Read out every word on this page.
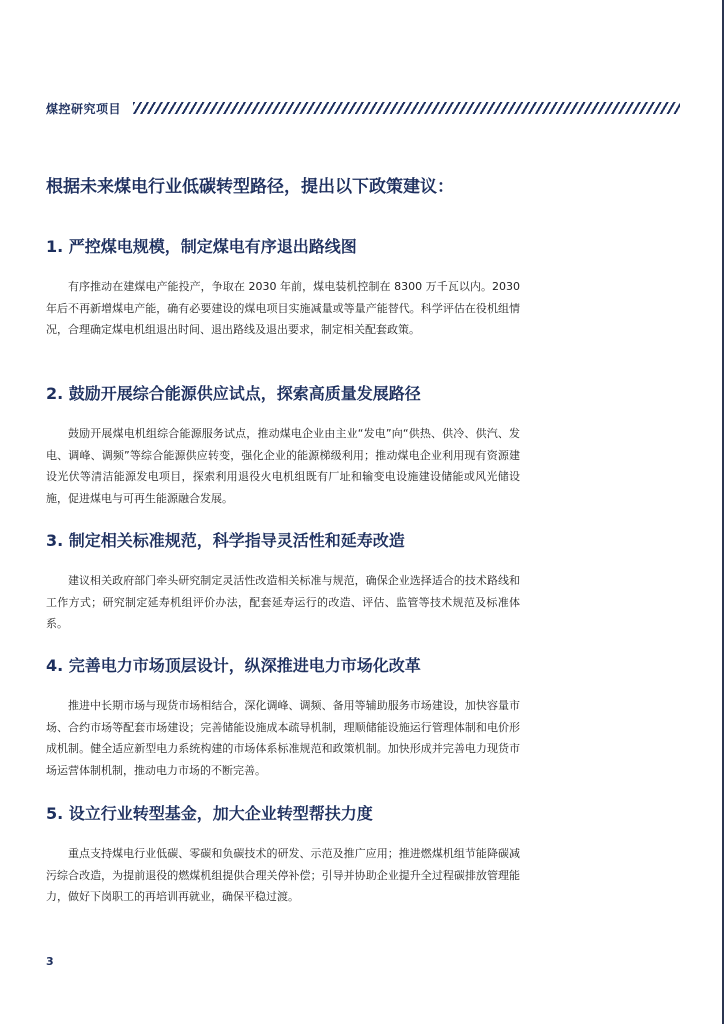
煤控研究项目
根据未来煤电行业低碳转型路径，提出以下政策建议：
1. 严控煤电规模，制定煤电有序退出路线图

有序推动在建煤电产能投产，争取在 2030 年前，煤电装机控制在 8300 万千瓦以内。2030 年后不再新增煤电产能，确有必要建设的煤电项目实施减量或等量产能替代。科学评估在役机组情况，合理确定煤电机组退出时间、退出路线及退出要求，制定相关配套政策。

2. 鼓励开展综合能源供应试点，探索高质量发展路径

鼓励开展煤电机组综合能源服务试点，推动煤电企业由主业“发电”向“供热、供冷、供汽、发电、调峰、调频”等综合能源供应转变，强化企业的能源梯级利用；推动煤电企业利用现有资源建设光伏等清洁能源发电项目，探索利用退役火电机组既有厂址和输变电设施建设储能或风光储设施，促进煤电与可再生能源融合发展。

3. 制定相关标准规范，科学指导灵活性和延寿改造

建议相关政府部门牵头研究制定灵活性改造相关标准与规范，确保企业选择适合的技术路线和工作方式；研究制定延寿机组评价办法，配套延寿运行的改造、评估、监管等技术规范及标准体系。

4. 完善电力市场顶层设计，纵深推进电力市场化改革

推进中长期市场与现货市场相结合，深化调峰、调频、备用等辅助服务市场建设，加快容量市场、合约市场等配套市场建设；完善储能设施成本疏导机制，理顺储能设施运行管理体制和电价形成机制。健全适应新型电力系统构建的市场体系标准规范和政策机制。加快形成并完善电力现货市场运营体制机制，推动电力市场的不断完善。

5. 设立行业转型基金，加大企业转型帮扶力度

重点支持煤电行业低碳、零碳和负碳技术的研发、示范及推广应用；推进燃煤机组节能降碳减污综合改造，为提前退役的燃煤机组提供合理关停补偿；引导并协助企业提升全过程碳排放管理能力，做好下岗职工的再培训再就业，确保平稳过渡。

3
